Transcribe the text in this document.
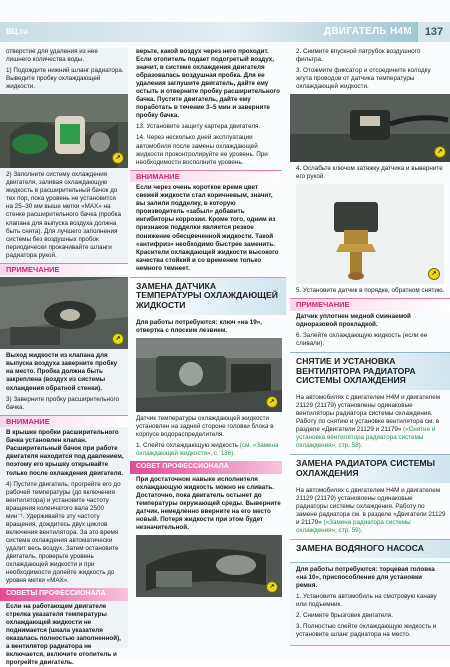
ВЦ.ru	ДВИГАТЕЛЬ Н4М	137

отверстие для удаления из нее лишнего количества воды.

1) Подождите нижний шланг радиатора. Выведите пробку охлаждающей жидкости.

↗

2) Заполните систему охлаждения двигателя, заливая охлаждающую жидкость в расширительный бачок до тех пор, пока уровень не установится на 25–30 мм выше метки «MAX» на стенке расширительного бачка (пробка клапана для выпуска воздуха должна быть снята). Для лучшего заполнения системы без воздушных пробок периодически прокачивайте шланги радиатора рукой.

ПРИМЕЧАНИЕ
↗

Выход жидкости из клапана для выпуска воздуха заверните пробку на место. Пробка должна быть закреплена (воздух из системы охлаждения обратной стенки).

3) Заверните пробку расширительного бачка.

ВНИМАНИЕ

В крышке пробки расширительного бачка установлен клапан. Расширительный бачок при работе двигателя находится под давлением, поэтому его крышку открывайте только после охлаждения двигателя.

4) Пустите двигатель, прогрейте его до рабочей температуры (до включения вентилятора) и установите частоту вращения коленчатого вала 2500 мин⁻¹. Удерживайте эту частоту вращения, дождитесь двух циклов включения вентилятора. За это время система охлаждения автоматически удалит весь воздух. Затем остановите двигатель, проверьте уровень охлаждающей жидкости и при необходимости долейте жидкость до уровня метки «MAX».

СОВЕТЫ ПРОФЕССИОНАЛА

Если на работающем двигателе стрелка указателя температуры охлаждающей жидкости не поднимается (шкала указателя оказалась полностью заполненной), а вентилятор радиатора не включается, включите отопитель и прогрейте двигатель.

верьте, какой воздух через него проходит. Если отопитель подает подогретый воздух, значит, в системе охлаждения двигателя образовалась воздушная пробка. Для ее удаления заглушите двигатель, дайте ему остыть и отверните пробку расширительного бачка. Пустите двигатель, дайте ему поработать в течение 3–5 мин и заверните пробку бачка.

13. Установите защиту картера двигателя.

14. Через несколько дней эксплуатации автомобиля после замены охлаждающей жидкости проконтролируйте ее уровень. При необходимости восполните уровень.

ВНИМАНИЕ

Если через очень короткое время цвет свежей жидкости стал коричневым, значит, вы залили подделку, в которую производитель «забыл» добавить ингибиторы коррозии. Кроме того, одним из признаков подделки является резкое понижение обесцвеченной жидкости. Такой «антифриз» необходимо быстрее заменить. Красители охлаждающей жидкости высокого качества стойкий и со временем только немного темнеет.

ЗАМЕНА ДАТЧИКА ТЕМПЕРАТУРЫ ОХЛАЖДАЮЩЕЙ ЖИДКОСТИ

Для работы потребуются: ключ «на 19», отвертка с плоским лезвием.

↗

Датчик температуры охлаждающей жидкости установлен на задней стороне головки блока в корпусе водораспределителя.

1. Слейте охлаждающую жидкость (см. «Замена охлаждающей жидкости», с. 136).

СОВЕТ ПРОФЕССИОНАЛА

При достаточном навыке исполнителя охлаждающую жидкость можно не сливать. Достаточно, пока двигатель остынет до температуры окружающей среды. Выверните датчик, немедленно вверните на его место новый. Потеря жидкости при этом будет незначительной.

↗

2. Снимите впускной патрубок воздушного фильтра.

3. Отожмите фиксатор и отсоедините колодку жгута проводов от датчика температуры охлаждающей жидкости.

↗

4. Ослабьте ключом затяжку датчика и выверните его рукой.

↗

5. Установите датчик в порядке, обратном снятию.

ПРИМЕЧАНИЕ

Датчик уплотнен медной сминаемой одноразовой прокладкой.

6. Залейте охлаждающую жидкость (если ее сливали).

СНЯТИЕ И УСТАНОВКА ВЕНТИЛЯТОРА РАДИАТОРА СИСТЕМЫ ОХЛАЖДЕНИЯ

На автомобилях с двигателем Н4М и двигателем 21129 (21179) установлены одинаковые вентиляторы радиатора системы охлаждения. Работу по снятию и установке вентилятора см. в разделе «Двигатели 21129 и 21179» («Снятие и установка вентилятора радиатора системы охлаждения», стр. 58).

ЗАМЕНА РАДИАТОРА СИСТЕМЫ ОХЛАЖДЕНИЯ

На автомобилях с двигателем Н4М и двигателем 21129 (21179) установлены одинаковые радиаторы системы охлаждения. Работу по замене радиатора см. в разделе «Двигатели 21129 и 21179» («Замена радиатора системы охлаждения», стр. 59).

ЗАМЕНА ВОДЯНОГО НАСОСА

Для работы потребуются: торцевая головка «на 10», приспособление для установки ремня.

1. Установите автомобиль на смотровую канаву или подъемник.

2. Снимите брызговик двигателя.

3. Полностью слейте охлаждающую жидкость и установите шланг радиатора на место.
